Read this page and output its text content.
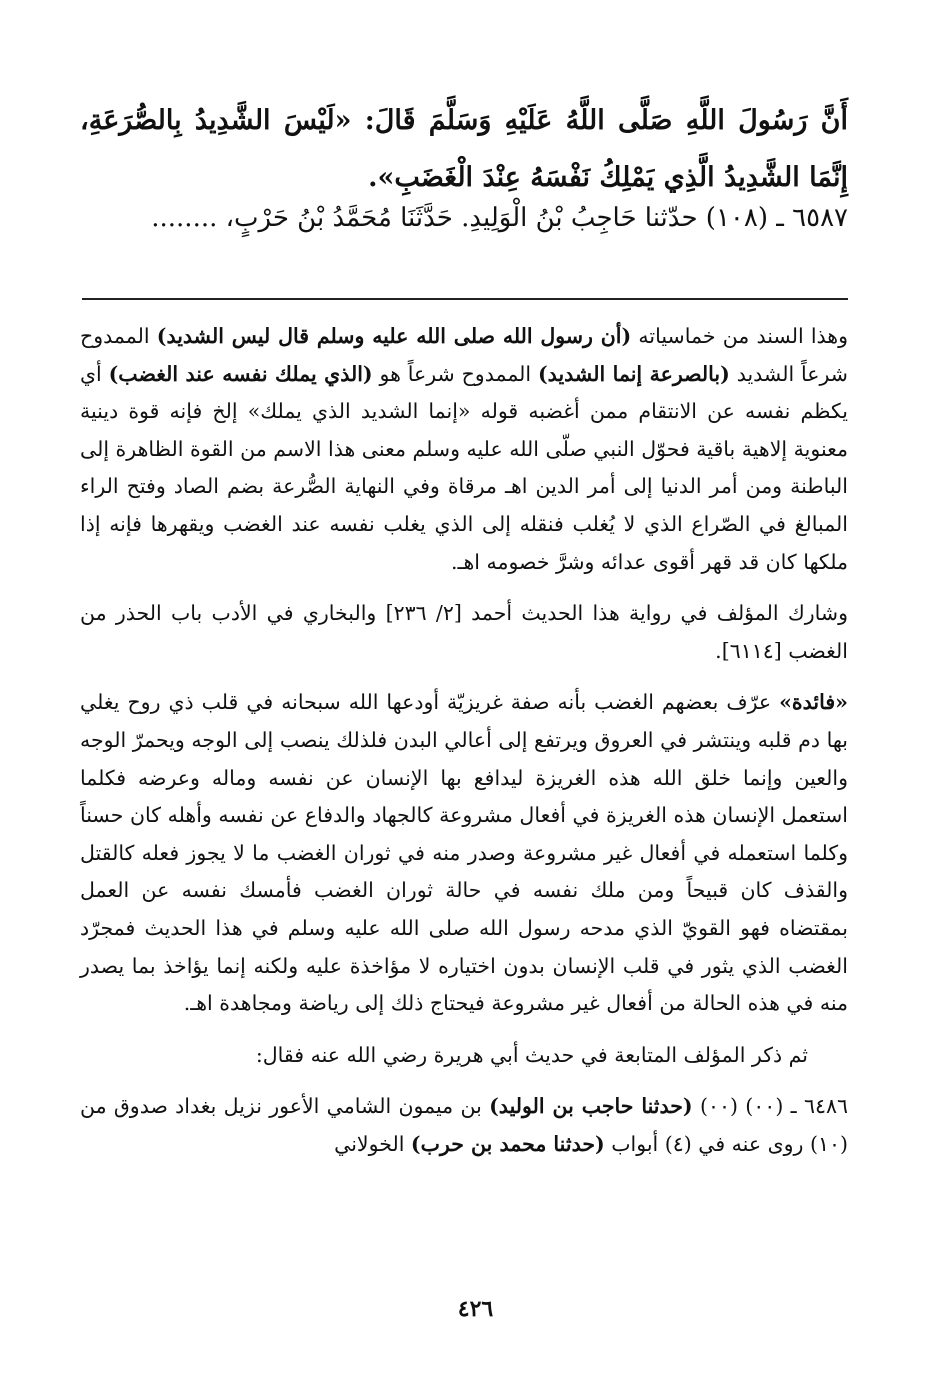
أَنَّ رَسُولَ اللَّهِ صَلَّى اللَّهُ عَلَيْهِ وَسَلَّمَ قَالَ: «لَيْسَ الشَّدِيدُ بِالصُّرَعَةِ، إِنَّمَا الشَّدِيدُ الَّذِي يَمْلِكُ نَفْسَهُ عِنْدَ الْغَضَبِ».

٦٥٨٧ ـ (١٠٨) حدّثنا حَاجِبُ بْنُ الْوَلِيدِ. حَدَّثَنَا مُحَمَّدُ بْنُ حَرْبٍ، ........

وهذا السند من خماسياته (أن رسول الله صلى الله عليه وسلم قال ليس الشديد) الممدوح شرعاً الشديد (بالصرعة إنما الشديد) الممدوح شرعاً هو (الذي يملك نفسه عند الغضب) أي يكظم نفسه عن الانتقام ممن أغضبه قوله «إنما الشديد الذي يملك» إلخ فإنه قوة دينية معنوية إلاهية باقية فحوّل النبي صلّى الله عليه وسلم معنى هذا الاسم من القوة الظاهرة إلى الباطنة ومن أمر الدنيا إلى أمر الدين اهـ مرقاة وفي النهاية الصُّرعة بضم الصاد وفتح الراء المبالغ في الصّراع الذي لا يُغلب فنقله إلى الذي يغلب نفسه عند الغضب ويقهرها فإنه إذا ملكها كان قد قهر أقوى عدائه وشرَّ خصومه اهـ.

وشارك المؤلف في رواية هذا الحديث أحمد [٢/ ٢٣٦] والبخاري في الأدب باب الحذر من الغضب [٦١١٤].

«فائدة» عرّف بعضهم الغضب بأنه صفة غريزيّة أودعها الله سبحانه في قلب ذي روح يغلي بها دم قلبه وينتشر في العروق ويرتفع إلى أعالي البدن فلذلك ينصب إلى الوجه ويحمرّ الوجه والعين وإنما خلق الله هذه الغريزة ليدافع بها الإنسان عن نفسه وماله وعرضه فكلما استعمل الإنسان هذه الغريزة في أفعال مشروعة كالجهاد والدفاع عن نفسه وأهله كان حسناً وكلما استعمله في أفعال غير مشروعة وصدر منه في ثوران الغضب ما لا يجوز فعله كالقتل والقذف كان قبيحاً ومن ملك نفسه في حالة ثوران الغضب فأمسك نفسه عن العمل بمقتضاه فهو القويّ الذي مدحه رسول الله صلى الله عليه وسلم في هذا الحديث فمجرّد الغضب الذي يثور في قلب الإنسان بدون اختياره لا مؤاخذة عليه ولكنه إنما يؤاخذ بما يصدر منه في هذه الحالة من أفعال غير مشروعة فيحتاج ذلك إلى رياضة ومجاهدة اهـ.

ثم ذكر المؤلف المتابعة في حديث أبي هريرة رضي الله عنه فقال:

٦٤٨٦ ـ (٠٠) (٠٠) (حدثنا حاجب بن الوليد) بن ميمون الشامي الأعور نزيل بغداد صدوق من (١٠) روى عنه في (٤) أبواب (حدثنا محمد بن حرب) الخولاني

٤٢٦
